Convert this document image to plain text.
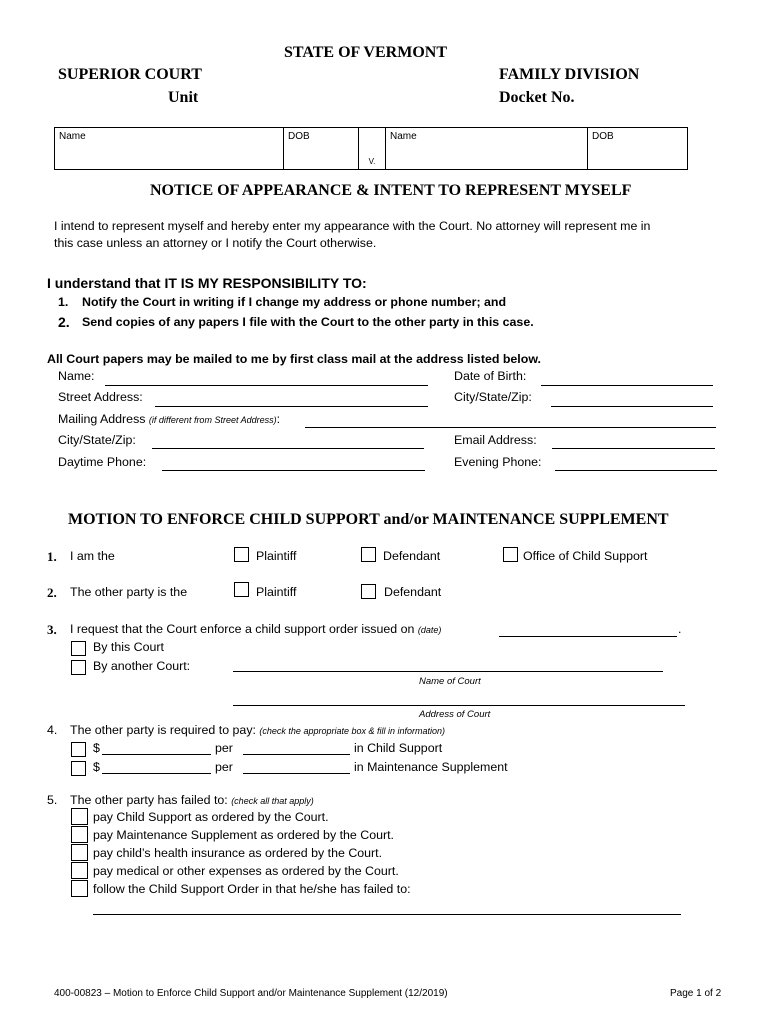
STATE OF VERMONT
SUPERIOR COURT
Unit
FAMILY DIVISION
Docket No.
Name	DOB	V.	Name	DOB
NOTICE OF APPEARANCE & INTENT TO REPRESENT MYSELF
I intend to represent myself and hereby enter my appearance with the Court. No attorney will represent me in
this case unless an attorney or I notify the Court otherwise.
I understand that IT IS MY RESPONSIBILITY TO:
1. Notify the Court in writing if I change my address or phone number; and
2. Send copies of any papers I file with the Court to the other party in this case.
All Court papers may be mailed to me by first class mail at the address listed below.
Name:	Date of Birth:
Street Address:	City/State/Zip:
Mailing Address (if different from Street Address):
City/State/Zip:	Email Address:
Daytime Phone:	Evening Phone:
MOTION TO ENFORCE CHILD SUPPORT and/or MAINTENANCE SUPPLEMENT
1. I am the	Plaintiff	Defendant	Office of Child Support
2. The other party is the	Plaintiff	Defendant
3. I request that the Court enforce a child support order issued on (date)	.
By this Court
By another Court:
Name of Court
Address of Court
4. The other party is required to pay: (check the appropriate box & fill in information)
$	per	in Child Support
$	per	in Maintenance Supplement
5. The other party has failed to: (check all that apply)
pay Child Support as ordered by the Court.
pay Maintenance Supplement as ordered by the Court.
pay child’s health insurance as ordered by the Court.
pay medical or other expenses as ordered by the Court.
follow the Child Support Order in that he/she has failed to:
400-00823 – Motion to Enforce Child Support and/or Maintenance Supplement (12/2019)	Page 1 of 2
